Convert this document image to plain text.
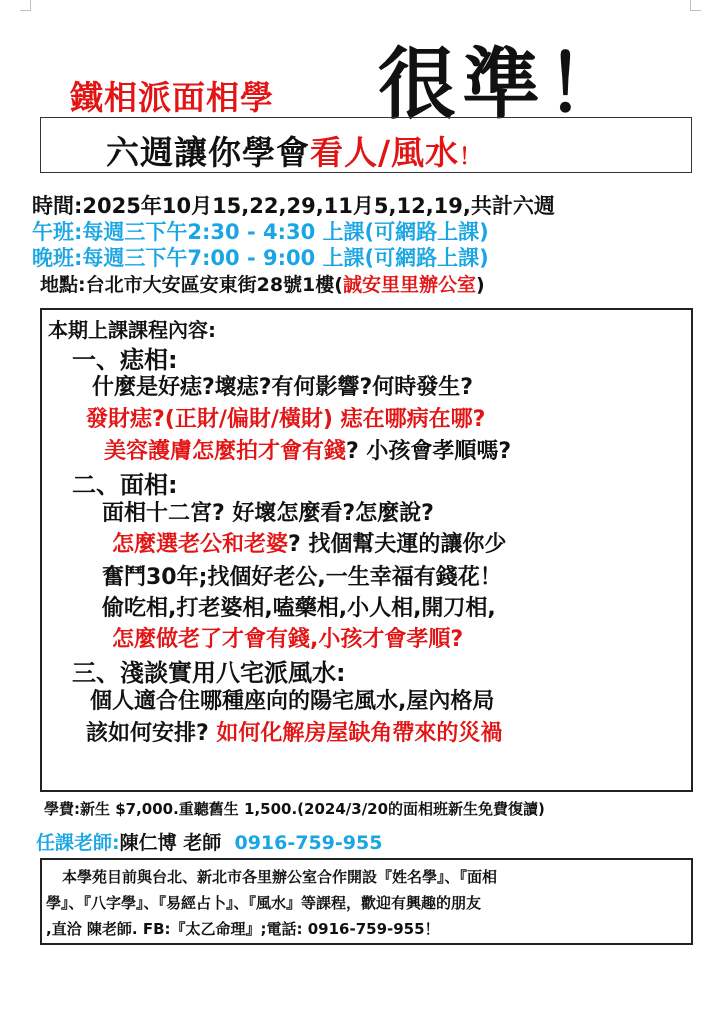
鐵相派面相學 很準！
六週讓你學會看人/風水！
時間:2025年10月15,22,29,11月5,12,19,共計六週
午班:每週三下午2:30 - 4:30 上課(可網路上課)
晚班:每週三下午7:00 - 9:00 上課(可網路上課)
地點:台北市大安區安東街28號1樓(誠安里里辦公室)
本期上課課程內容:
一、痣相:
什麼是好痣?壞痣?有何影響?何時發生?
發財痣?(正財/偏財/橫財) 痣在哪病在哪?
美容護膚怎麼拍才會有錢? 小孩會孝順嗎?
二、面相:
面相十二宮? 好壞怎麼看?怎麼說?
怎麼選老公和老婆? 找個幫夫運的讓你少
奮鬥30年;找個好老公,一生幸福有錢花！
偷吃相,打老婆相,嗑藥相,小人相,開刀相,
怎麼做老了才會有錢,小孩才會孝順?
三、淺談實用八宅派風水:
個人適合住哪種座向的陽宅風水,屋內格局
該如何安排? 如何化解房屋缺角帶來的災禍
學費:新生 $7,000.重聽舊生 1,500.(2024/3/20的面相班新生免費復讀)
任課老師:陳仁博 老師 0916-759-955
本學苑目前與台北、新北市各里辦公室合作開設『姓名學』、『面相
學』、『八字學』、『易經占卜』、『風水』等課程，歡迎有興趣的朋友
,直洽 陳老師. FB:『太乙命理』;電話: 0916-759-955！
